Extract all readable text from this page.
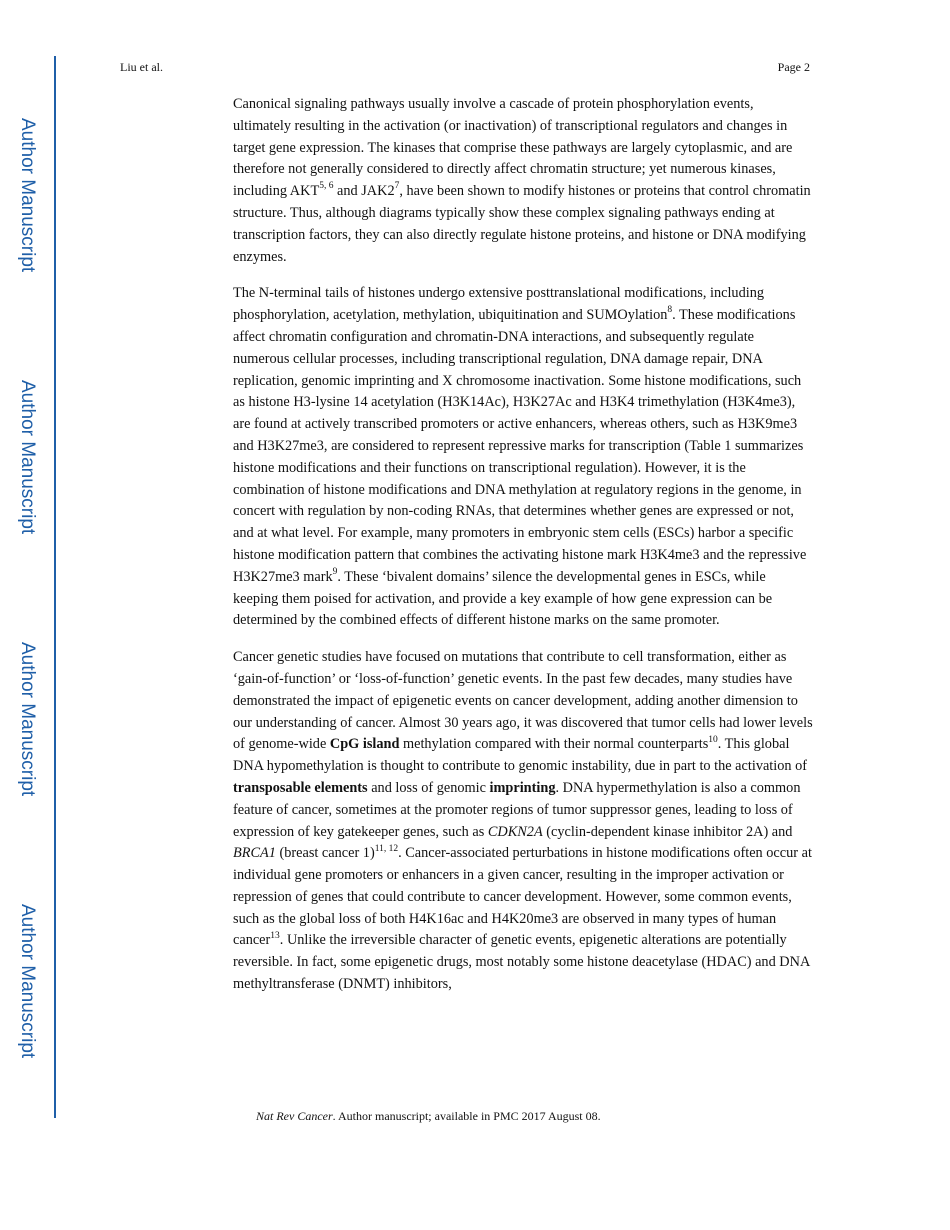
Author Manuscript
Author Manuscript
Author Manuscript
Author Manuscript
Liu et al.	Page 2

Canonical signaling pathways usually involve a cascade of protein phosphorylation events, ultimately resulting in the activation (or inactivation) of transcriptional regulators and changes in target gene expression. The kinases that comprise these pathways are largely cytoplasmic, and are therefore not generally considered to directly affect chromatin structure; yet numerous kinases, including AKT$^{5, 6}$ and $JAK2^7$, have been shown to modify histones or proteins that control chromatin structure. Thus, although diagrams typically show these complex signaling pathways ending at transcription factors, they can also directly regulate histone proteins, and histone or DNA modifying enzymes.

The N-terminal tails of histones undergo extensive posttranslational modifications, including phosphorylation, acetylation, methylation, ubiquitination and SUMOylation$^8$. These modifications affect chromatin configuration and chromatin-DNA interactions, and subsequently regulate numerous cellular processes, including transcriptional regulation, DNA damage repair, DNA replication, genomic imprinting and X chromosome inactivation. Some histone modifications, such as histone H3-lysine 14 acetylation (H3K14Ac), H3K27Ac and H3K4 trimethylation (H3K4me3), are found at actively transcribed promoters or active enhancers, whereas others, such as H3K9me3 and H3K27me3, are considered to represent repressive marks for transcription (Table 1 summarizes histone modifications and their functions on transcriptional regulation). However, it is the combination of histone modifications and DNA methylation at regulatory regions in the genome, in concert with regulation by non-coding RNAs, that determines whether genes are expressed or not, and at what level. For example, many promoters in embryonic stem cells (ESCs) harbor a specific histone modification pattern that combines the activating histone mark H3K4me3 and the repressive H3K27me3 mark$^9$. These ‘bivalent domains’ silence the developmental genes in ESCs, while keeping them poised for activation, and provide a key example of how gene expression can be determined by the combined effects of different histone marks on the same promoter.

Cancer genetic studies have focused on mutations that contribute to cell transformation, either as ‘gain-of-function’ or ‘loss-of-function’ genetic events. In the past few decades, many studies have demonstrated the impact of epigenetic events on cancer development, adding another dimension to our understanding of cancer. Almost 30 years ago, it was discovered that tumor cells had lower levels of genome-wide CpG island methylation compared with their normal counterparts$^{10}$. This global DNA hypomethylation is thought to contribute to genomic instability, due in part to the activation of transposable elements and loss of genomic imprinting. DNA hypermethylation is also a common feature of cancer, sometimes at the promoter regions of tumor suppressor genes, leading to loss of expression of key gatekeeper genes, such as CDKN2A (cyclin-dependent kinase inhibitor 2A) and BRCA1 (breast cancer 1)$^{11, 12}$. Cancer-associated perturbations in histone modifications often occur at individual gene promoters or enhancers in a given cancer, resulting in the improper activation or repression of genes that could contribute to cancer development. However, some common events, such as the global loss of both H4K16ac and H4K20me3 are observed in many types of human cancer$^{13}$. Unlike the irreversible character of genetic events, epigenetic alterations are potentially reversible. In fact, some epigenetic drugs, most notably some histone deacetylase (HDAC) and DNA methyltransferase (DNMT) inhibitors,

Nat Rev Cancer. Author manuscript; available in PMC 2017 August 08.
